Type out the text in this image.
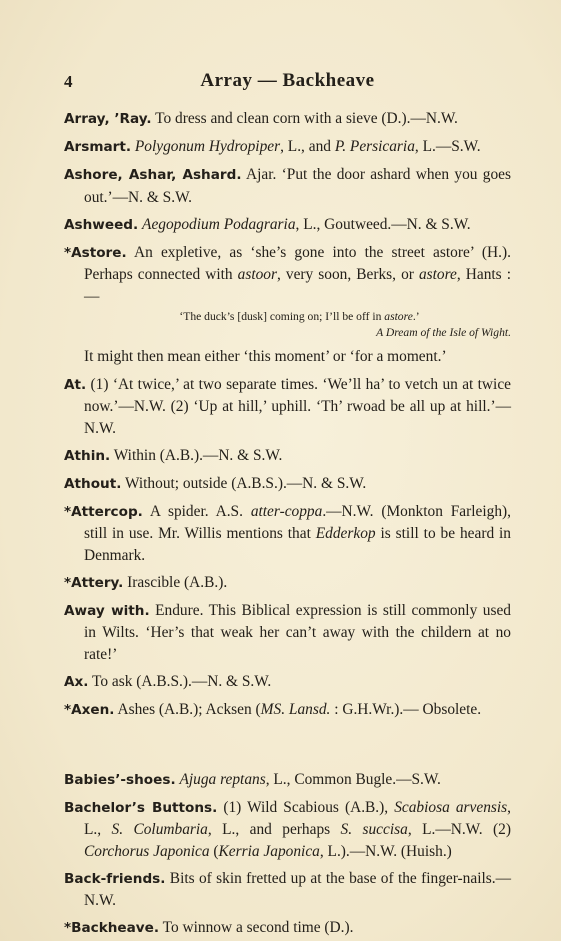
4	Array — Backheave
Array, ’Ray. To dress and clean corn with a sieve (D.).—N.W.
Arsmart. Polygonum Hydropiper, L., and P. Persicaria, L.—S.W.
Ashore, Ashar, Ashard. Ajar. ‘Put the door ashard when you goes out.’—N. & S.W.
Ashweed. Aegopodium Podagraria, L., Goutweed.—N. & S.W.
*Astore. An expletive, as ‘she’s gone into the street astore’ (H.). Perhaps connected with astoor, very soon, Berks, or astore, Hants :—
‘The duck’s [dusk] coming on; I’ll be off in astore.’
A Dream of the Isle of Wight.
It might then mean either ‘this moment’ or ‘for a moment.’
At. (1) ‘At twice,’ at two separate times. ‘We’ll ha’ to vetch un at twice now.’—N.W. (2) ‘Up at hill,’ uphill. ‘Th’ rwoad be all up at hill.’—N.W.
Athin. Within (A.B.).—N. & S.W.
Athout. Without; outside (A.B.S.).—N. & S.W.
*Attercop. A spider. A.S. atter-coppa.—N.W. (Monkton Farleigh), still in use. Mr. Willis mentions that Edderkop is still to be heard in Denmark.
*Attery. Irascible (A.B.).
Away with. Endure. This Biblical expression is still commonly used in Wilts. ‘Her’s that weak her can’t away with the childern at no rate!’
Ax. To ask (A.B.S.).—N. & S.W.
*Axen. Ashes (A.B.); Acksen (MS. Lansd. : G.H.Wr.).— Obsolete.
Babies’-shoes. Ajuga reptans, L., Common Bugle.—S.W.
Bachelor’s Buttons. (1) Wild Scabious (A.B.), Scabiosa arvensis, L., S. Columbaria, L., and perhaps S. succisa, L.—N.W. (2) Corchorus Japonica (Kerria Japonica, L.).—N.W. (Huish.)
Back-friends. Bits of skin fretted up at the base of the finger-nails.—N.W.
*Backheave. To winnow a second time (D.).
